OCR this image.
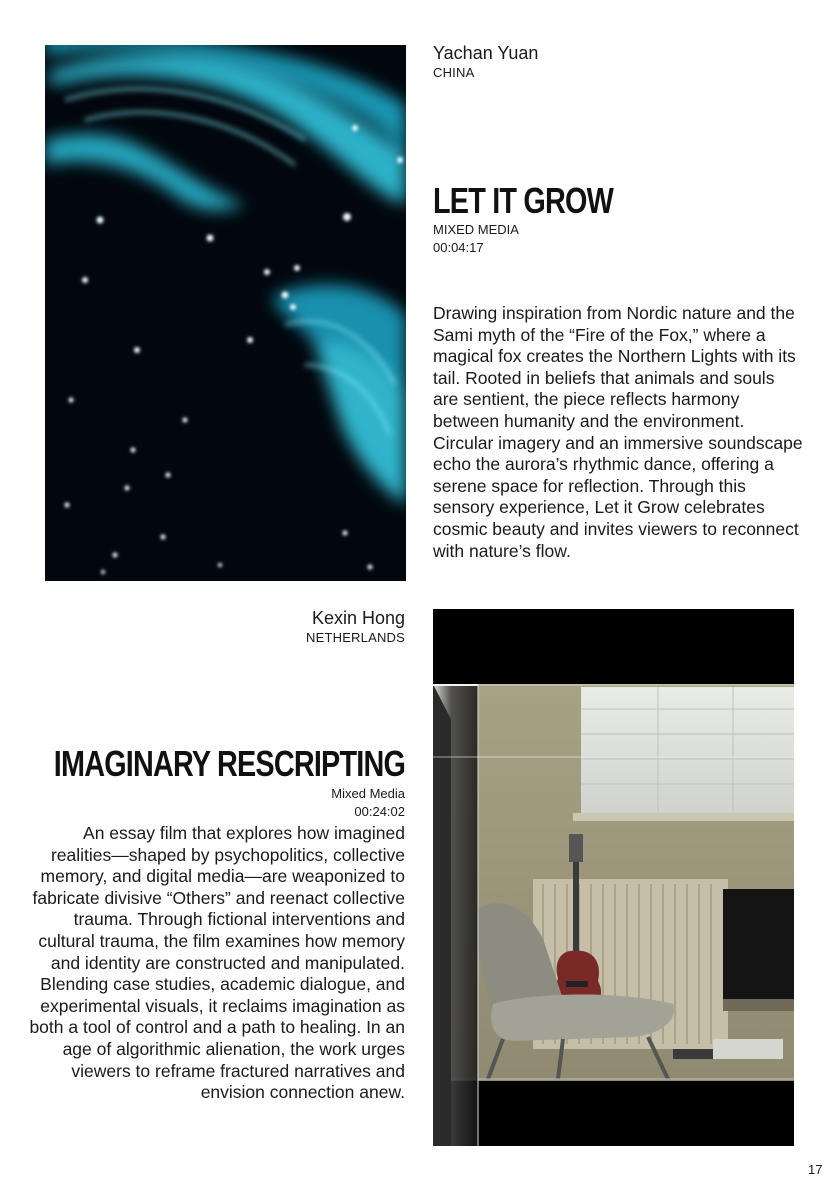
Yachan Yuan
CHINA
LET IT GROW
MIXED MEDIA
00:04:17
Drawing inspiration from Nordic nature and the Sami myth of the “Fire of the Fox,” where a magical fox creates the Northern Lights with its tail. Rooted in beliefs that animals and souls are sentient, the piece reflects harmony between humanity and the environment. Circular imagery and an immersive soundscape echo the aurora’s rhythmic dance, offering a serene space for reflection. Through this sensory experience, Let it Grow celebrates cosmic beauty and invites viewers to reconnect with nature’s flow.
Kexin Hong
NETHERLANDS
IMAGINARY RESCRIPTING
Mixed Media
00:24:02
An essay film that explores how imagined realities—shaped by psychopolitics, collective memory, and digital media—are weaponized to fabricate divisive “Others” and reenact collective trauma. Through fictional interventions and cultural trauma, the film examines how memory and identity are constructed and manipulated. Blending case studies, academic dialogue, and experimental visuals, it reclaims imagination as both a tool of control and a path to healing. In an age of algorithmic alienation, the work urges viewers to reframe fractured narratives and envision connection anew.
17
